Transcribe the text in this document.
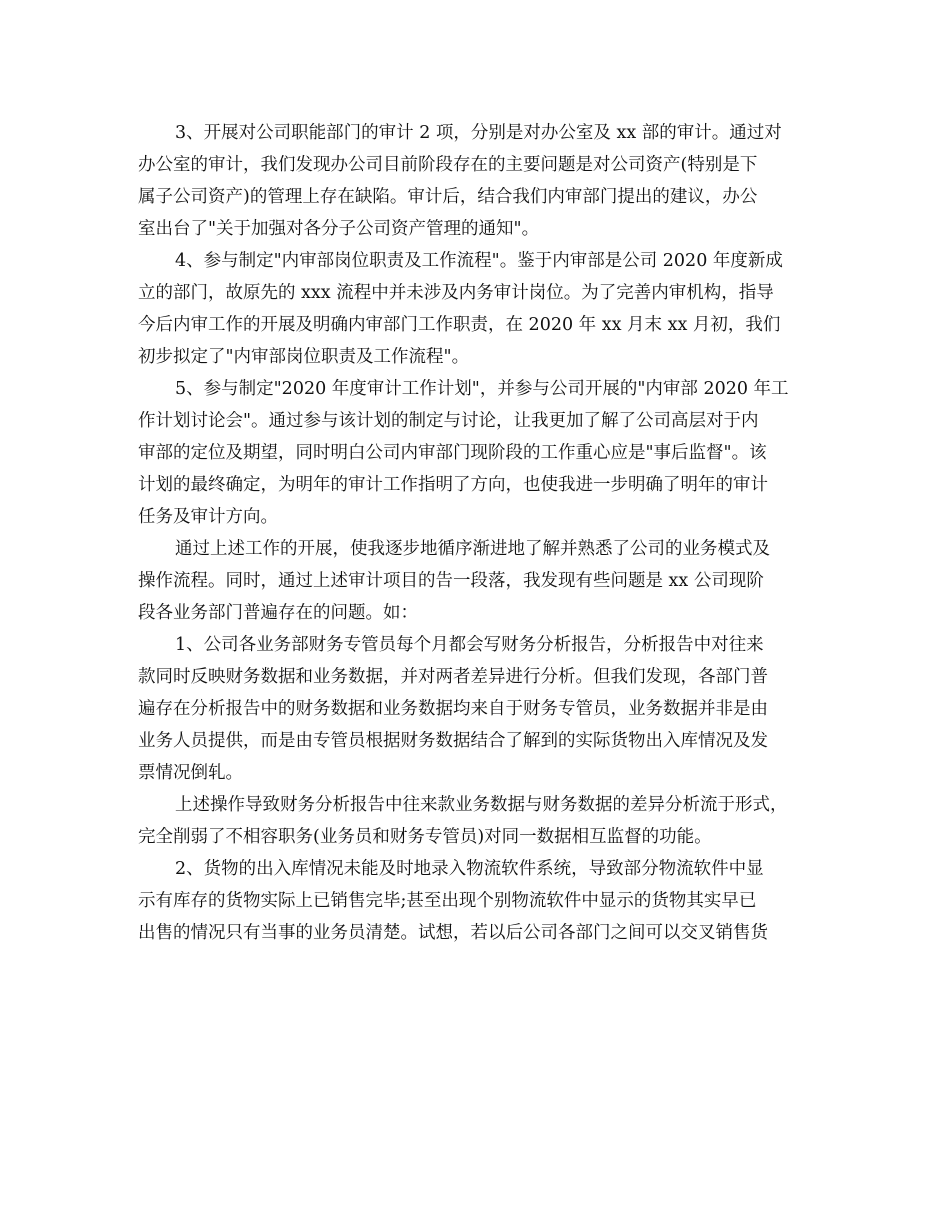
3、开展对公司职能部门的审计 2 项，分别是对办公室及 xx 部的审计。通过对
办公室的审计，我们发现办公司目前阶段存在的主要问题是对公司资产(特别是下
属子公司资产)的管理上存在缺陷。审计后，结合我们内审部门提出的建议，办公
室出台了"关于加强对各分子公司资产管理的通知"。

4、参与制定"内审部岗位职责及工作流程"。鉴于内审部是公司 2020 年度新成
立的部门，故原先的 xxx 流程中并未涉及内务审计岗位。为了完善内审机构，指导
今后内审工作的开展及明确内审部门工作职责，在 2020 年 xx 月末 xx 月初，我们
初步拟定了"内审部岗位职责及工作流程"。

5、参与制定"2020 年度审计工作计划"，并参与公司开展的"内审部 2020 年工
作计划讨论会"。通过参与该计划的制定与讨论，让我更加了解了公司高层对于内
审部的定位及期望，同时明白公司内审部门现阶段的工作重心应是"事后监督"。该
计划的最终确定，为明年的审计工作指明了方向，也使我进一步明确了明年的审计
任务及审计方向。

通过上述工作的开展，使我逐步地循序渐进地了解并熟悉了公司的业务模式及
操作流程。同时，通过上述审计项目的告一段落，我发现有些问题是 xx 公司现阶
段各业务部门普遍存在的问题。如：

1、公司各业务部财务专管员每个月都会写财务分析报告，分析报告中对往来
款同时反映财务数据和业务数据，并对两者差异进行分析。但我们发现，各部门普
遍存在分析报告中的财务数据和业务数据均来自于财务专管员，业务数据并非是由
业务人员提供，而是由专管员根据财务数据结合了解到的实际货物出入库情况及发
票情况倒轧。

上述操作导致财务分析报告中往来款业务数据与财务数据的差异分析流于形式，
完全削弱了不相容职务(业务员和财务专管员)对同一数据相互监督的功能。

2、货物的出入库情况未能及时地录入物流软件系统，导致部分物流软件中显
示有库存的货物实际上已销售完毕;甚至出现个别物流软件中显示的货物其实早已
出售的情况只有当事的业务员清楚。试想，若以后公司各部门之间可以交叉销售货
